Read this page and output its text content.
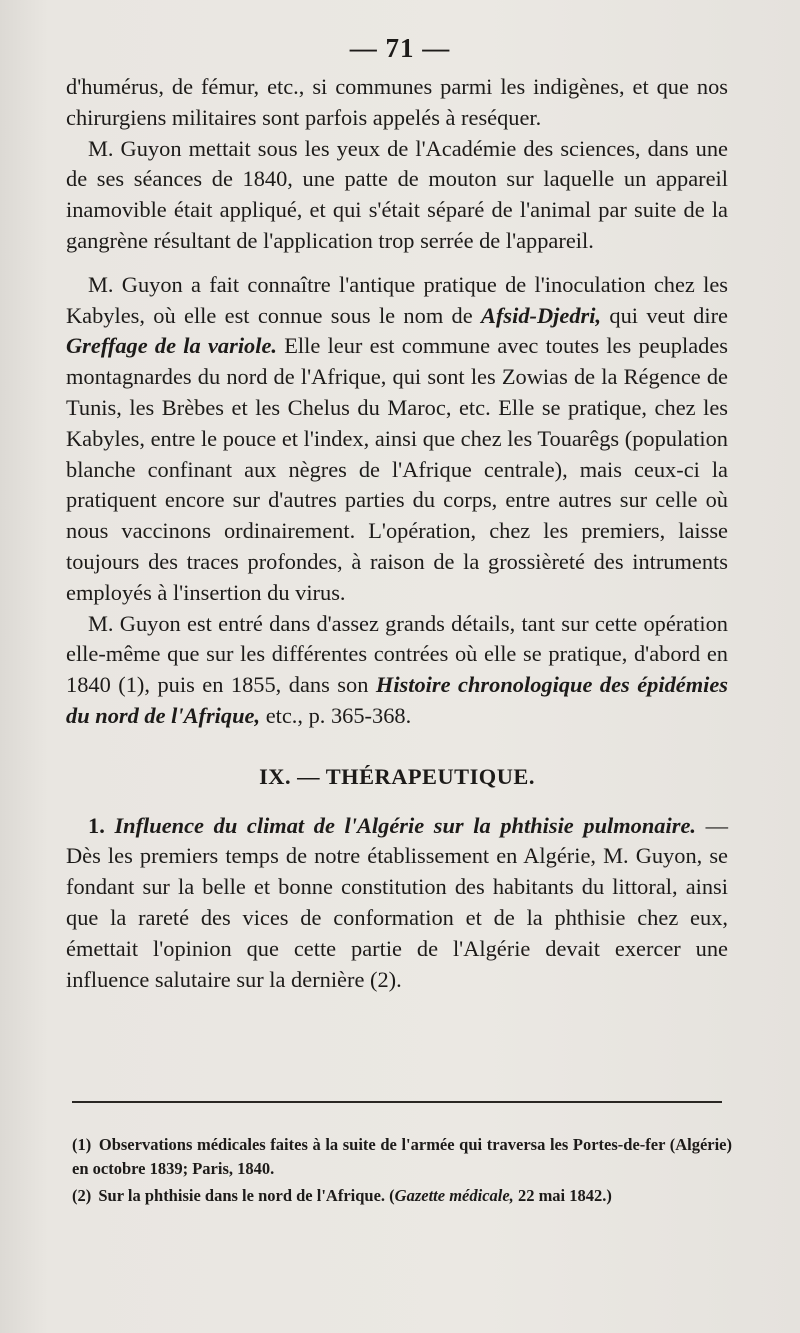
— 71 —

d'humérus, de fémur, etc., si communes parmi les indigènes, et que nos chirurgiens militaires sont parfois appelés à reséquer.

M. Guyon mettait sous les yeux de l'Académie des sciences, dans une de ses séances de 1840, une patte de mouton sur laquelle un appareil inamovible était appliqué, et qui s'était séparé de l'animal par suite de la gangrène résultant de l'application trop serrée de l'appareil.

M. Guyon a fait connaître l'antique pratique de l'inoculation chez les Kabyles, où elle est connue sous le nom de Afsid-Djedri, qui veut dire Greffage de la variole. Elle leur est commune avec toutes les peuplades montagnardes du nord de l'Afrique, qui sont les Zowias de la Régence de Tunis, les Brèbes et les Chelus du Maroc, etc. Elle se pratique, chez les Kabyles, entre le pouce et l'index, ainsi que chez les Touarêgs (population blanche confinant aux nègres de l'Afrique centrale), mais ceux-ci la pratiquent encore sur d'autres parties du corps, entre autres sur celle où nous vaccinons ordinairement. L'opération, chez les premiers, laisse toujours des traces profondes, à raison de la grossièreté des intruments employés à l'insertion du virus.

M. Guyon est entré dans d'assez grands détails, tant sur cette opération elle-même que sur les différentes contrées où elle se pratique, d'abord en 1840 (1), puis en 1855, dans son Histoire chronologique des épidémies du nord de l'Afrique, etc., p. 365-368.

IX. — THÉRAPEUTIQUE.

1. Influence du climat de l'Algérie sur la phthisie pulmonaire. — Dès les premiers temps de notre établissement en Algérie, M. Guyon, se fondant sur la belle et bonne constitution des habitants du littoral, ainsi que la rareté des vices de conformation et de la phthisie chez eux, émettait l'opinion que cette partie de l'Algérie devait exercer une influence salutaire sur la dernière (2).

(1) Observations médicales faites à la suite de l'armée qui traversa les Portes-de-fer (Algérie) en octobre 1839; Paris, 1840.

(2) Sur la phthisie dans le nord de l'Afrique. (Gazette médicale, 22 mai 1842.)
